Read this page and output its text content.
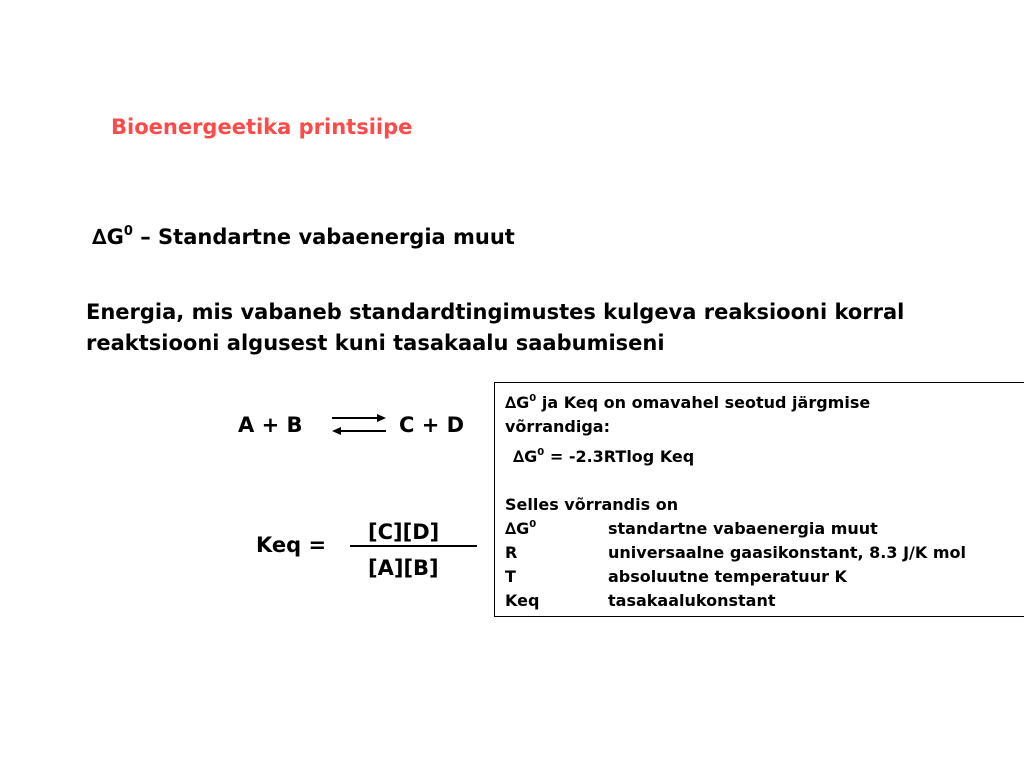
Bioenergeetika printsiipe
$\Delta G^0$ – Standartne vabaenergia muut
Energia, mis vabaneb standardtingimustes kulgeva reaksiooni korral
reaktsiooni algusest kuni tasakaalu saabumiseni
A + B ⇌ C + D
Keq =
[C][D]
[A][B]
$\Delta G^0$ ja Keq on omavahel seotud järgmise
võrrandiga:
$\Delta G^0 = -2.3RTlog$ Keq
Selles võrrandis on
$\Delta G^0$	standartne vabaenergia muut
R	universaalne gaasikonstant, 8.3 J/K mol
T	absoluutne temperatuur K
Keq	tasakaalukonstant
